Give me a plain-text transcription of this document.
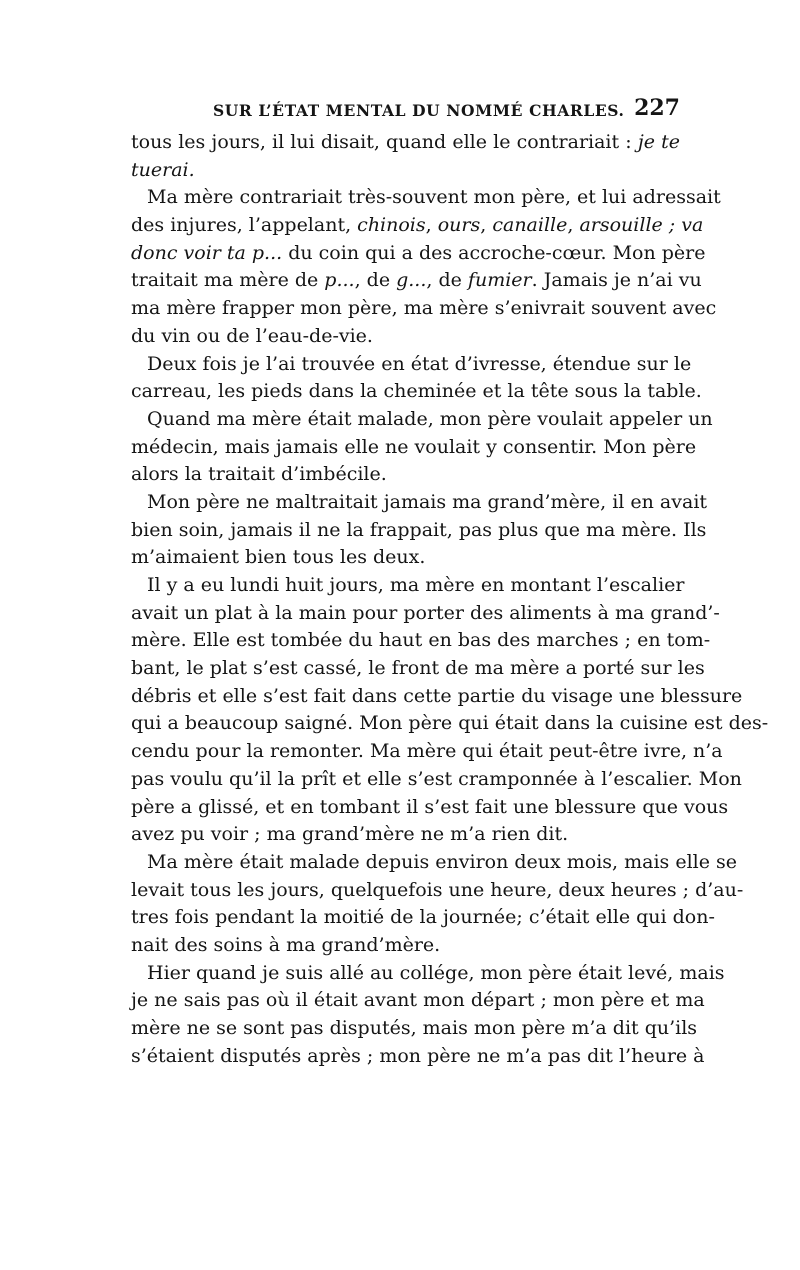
SUR L’ÉTAT MENTAL DU NOMMÉ CHARLES. 227
tous les jours, il lui disait, quand elle le contrariait : je te
tuerai.
Ma mère contrariait très-souvent mon père, et lui adressait
des injures, l’appelant, chinois, ours, canaille, arsouille ; va
donc voir ta p... du coin qui a des accroche-cœur. Mon père
traitait ma mère de p..., de g..., de fumier. Jamais je n’ai vu
ma mère frapper mon père, ma mère s’enivrait souvent avec
du vin ou de l’eau-de-vie.
Deux fois je l’ai trouvée en état d’ivresse, étendue sur le
carreau, les pieds dans la cheminée et la tête sous la table.
Quand ma mère était malade, mon père voulait appeler un
médecin, mais jamais elle ne voulait y consentir. Mon père
alors la traitait d’imbécile.
Mon père ne maltraitait jamais ma grand’mère, il en avait
bien soin, jamais il ne la frappait, pas plus que ma mère. Ils
m’aimaient bien tous les deux.
Il y a eu lundi huit jours, ma mère en montant l’escalier
avait un plat à la main pour porter des aliments à ma grand’-
mère. Elle est tombée du haut en bas des marches ; en tom-
bant, le plat s’est cassé, le front de ma mère a porté sur les
débris et elle s’est fait dans cette partie du visage une blessure
qui a beaucoup saigné. Mon père qui était dans la cuisine est des-
cendu pour la remonter. Ma mère qui était peut-être ivre, n’a
pas voulu qu’il la prît et elle s’est cramponnée à l’escalier. Mon
père a glissé, et en tombant il s’est fait une blessure que vous
avez pu voir ; ma grand’mère ne m’a rien dit.
Ma mère était malade depuis environ deux mois, mais elle se
levait tous les jours, quelquefois une heure, deux heures ; d’au-
tres fois pendant la moitié de la journée; c’était elle qui don-
nait des soins à ma grand’mère.
Hier quand je suis allé au collége, mon père était levé, mais
je ne sais pas où il était avant mon départ ; mon père et ma
mère ne se sont pas disputés, mais mon père m’a dit qu’ils
s’étaient disputés après ; mon père ne m’a pas dit l’heure à
